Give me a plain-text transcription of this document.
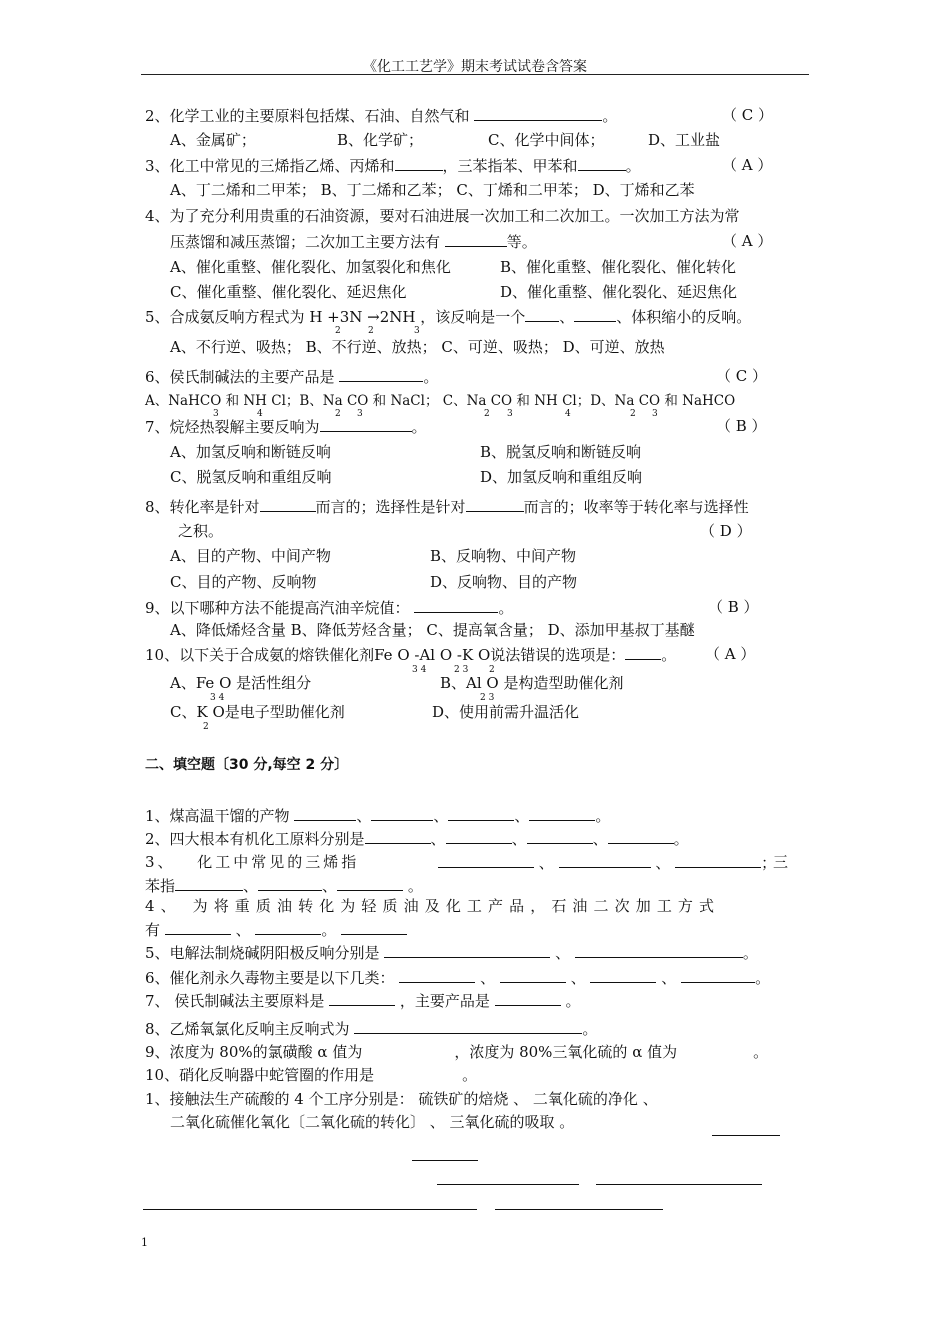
《化工工艺学》期末考试试卷含答案
2、化学工业的主要原料包括煤、石油、自然气和	。	（ C ）
A、金属矿；	B、化学矿；	C、化学中间体；	D、工业盐
3、化工中常见的三烯指乙烯、丙烯和	，三苯指苯、甲苯和	。	（ A ）
A、丁二烯和二甲苯； B、丁二烯和乙苯； C、丁烯和二甲苯； D、丁烯和乙苯
4、为了充分利用贵重的石油资源，要对石油进展一次加工和二次加工。一次加工方法为常
压蒸馏和减压蒸馏；二次加工主要方法有	等。	（ A ）
A、催化重整、催化裂化、加氢裂化和焦化	B、催化重整、催化裂化、催化转化
C、催化重整、催化裂化、延迟焦化	D、催化重整、催化裂化、延迟焦化
5、合成氨反响方程式为 H +3N →2NH ，该反响是一个 、	、体积缩小的反响。
2	2	3
A、不行逆、吸热； B、不行逆、放热； C、可逆、吸热； D、可逆、放热
6、侯氏制碱法的主要产品是	。	（ C ）
A、NaHCO 和 NH Cl；B、Na CO 和 NaCl； C、Na CO 和 NH Cl；D、Na CO 和 NaHCO
3	4	2 3	2 3	4	2 3
7、烷烃热裂解主要反响为	。	（ B ）
A、加氢反响和断链反响	B、脱氢反响和断链反响
C、脱氢反响和重组反响	D、加氢反响和重组反响
8、转化率是针对	而言的；选择性是针对	而言的；收率等于转化率与选择性
之积。	（ D ）
A、目的产物、中间产物	B、反响物、中间产物
C、目的产物、反响物	D、反响物、目的产物
9、以下哪种方法不能提高汽油辛烷值：	。	（ B ）
A、降低烯烃含量 B、降低芳烃含量； C、提高氧含量； D、添加甲基叔丁基醚
10、以下关于合成氨的熔铁催化剂Fe O -Al O -K O说法错误的选项是： 。 （ A ）
3 4	2 3 2
A、Fe O 是活性组分
3 4
B、Al O 是构造型助催化剂
2 3
C、K O是电子型助催化剂
2
D、使用前需升温活化
二、填空题〔30 分,每空 2 分〕
1、煤高温干馏的产物	、	、	、	。
2、四大根本有机化工原料分别是	、	、	、	。
3、 化工中常见的三烯指	、	、	；
三
苯指	、	、	。
4、 为将重质油转化为轻质油及化工产品，石油二次加工方式
有	、	。
5、电解法制烧碱阴阳极反响分别是	、	。
6、催化剂永久毒物主要是以下几类：	、	、	、	。
7、 侯氏制碱法主要原料是	，主要产品是	。
8、乙烯氧氯化反响主反响式为	。
9、浓度为 80%的氯磺酸 α 值为	，浓度为 80%三氧化硫的 α 值为	。
10、硝化反响器中蛇管圈的作用是	。
1、接触法生产硫酸的 4 个工序分别是： 硫铁矿的焙烧 、 二氧化硫的净化 、
二氧化硫催化氧化〔二氧化硫的转化〕 、 三氧化硫的吸取 。
1
